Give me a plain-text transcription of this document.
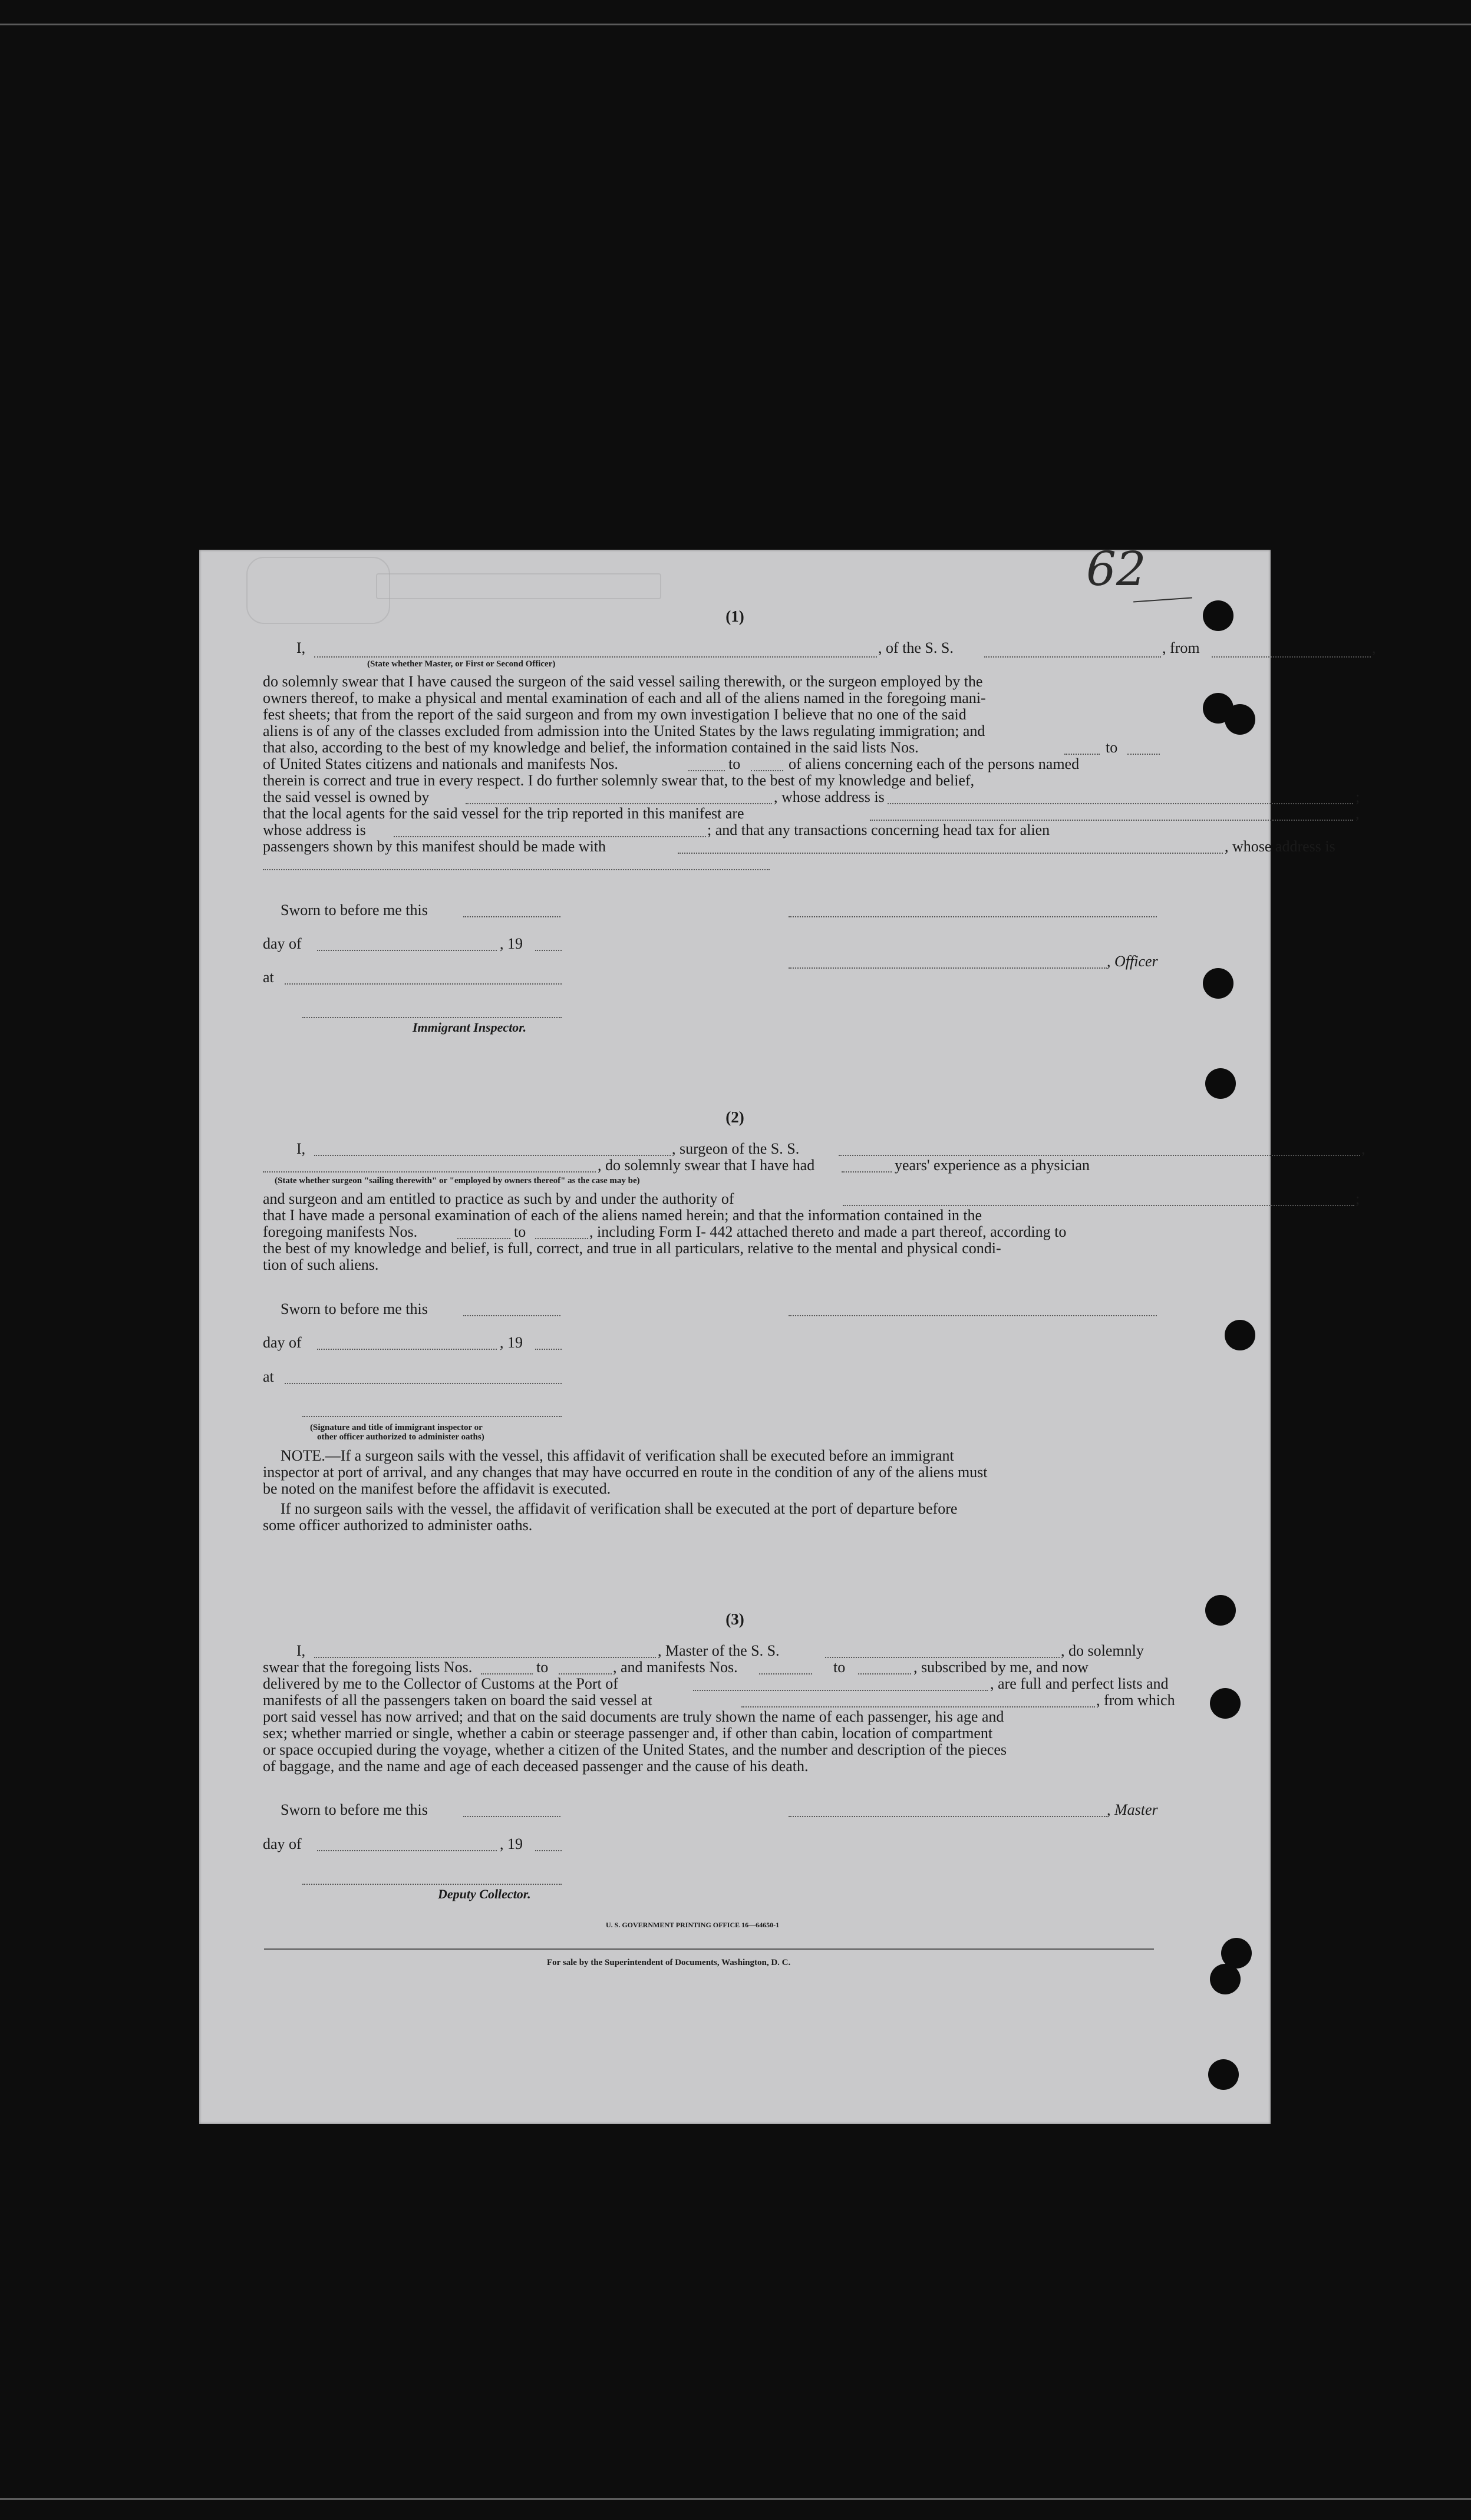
62
(1)
I,	, of the S. S.	, from	,
(State whether Master, or First or Second Officer)
do solemnly swear that I have caused the surgeon of the said vessel sailing therewith, or the surgeon employed by the
owners thereof, to make a physical and mental examination of each and all of the aliens named in the foregoing mani-
fest sheets; that from the report of the said surgeon and from my own investigation I believe that no one of the said
aliens is of any of the classes excluded from admission into the United States by the laws regulating immigration; and
that also, according to the best of my knowledge and belief, the information contained in the said lists Nos.	to
of United States citizens and nationals and manifests Nos.	to	of aliens concerning each of the persons named
therein is correct and true in every respect. I do further solemnly swear that, to the best of my knowledge and belief,
the said vessel is owned by	, whose address is	;
that the local agents for the said vessel for the trip reported in this manifest are	,
whose address is	; and that any transactions concerning head tax for alien
passengers shown by this manifest should be made with	, whose address is
Sworn to before me this
day of	, 19
, Officer
at
Immigrant Inspector.
(2)
I,	, surgeon of the S. S.	,
, do solemnly swear that I have had	years' experience as a physician
(State whether surgeon "sailing therewith" or "employed by owners thereof" as the case may be)
and surgeon and am entitled to practice as such by and under the authority of	;
that I have made a personal examination of each of the aliens named herein; and that the information contained in the
foregoing manifests Nos.	to	, including Form I- 442 attached thereto and made a part thereof, according to
the best of my knowledge and belief, is full, correct, and true in all particulars, relative to the mental and physical condi-
tion of such aliens.
Sworn to before me this
day of	, 19
at
(Signature and title of immigrant inspector or
other officer authorized to administer oaths)
NOTE.—If a surgeon sails with the vessel, this affidavit of verification shall be executed before an immigrant
inspector at port of arrival, and any changes that may have occurred en route in the condition of any of the aliens must
be noted on the manifest before the affidavit is executed.
If no surgeon sails with the vessel, the affidavit of verification shall be executed at the port of departure before
some officer authorized to administer oaths.
(3)
I,	, Master of the S. S.	, do solemnly
swear that the foregoing lists Nos.	to	, and manifests Nos.	to	, subscribed by me, and now
delivered by me to the Collector of Customs at the Port of	, are full and perfect lists and
manifests of all the passengers taken on board the said vessel at	, from which
port said vessel has now arrived; and that on the said documents are truly shown the name of each passenger, his age and
sex; whether married or single, whether a cabin or steerage passenger and, if other than cabin, location of compartment
or space occupied during the voyage, whether a citizen of the United States, and the number and description of the pieces
of baggage, and the name and age of each deceased passenger and the cause of his death.
Sworn to before me this	, Master
day of	, 19
Deputy Collector.
U. S. GOVERNMENT PRINTING OFFICE 16—64650-1
For sale by the Superintendent of Documents, Washington, D. C.
